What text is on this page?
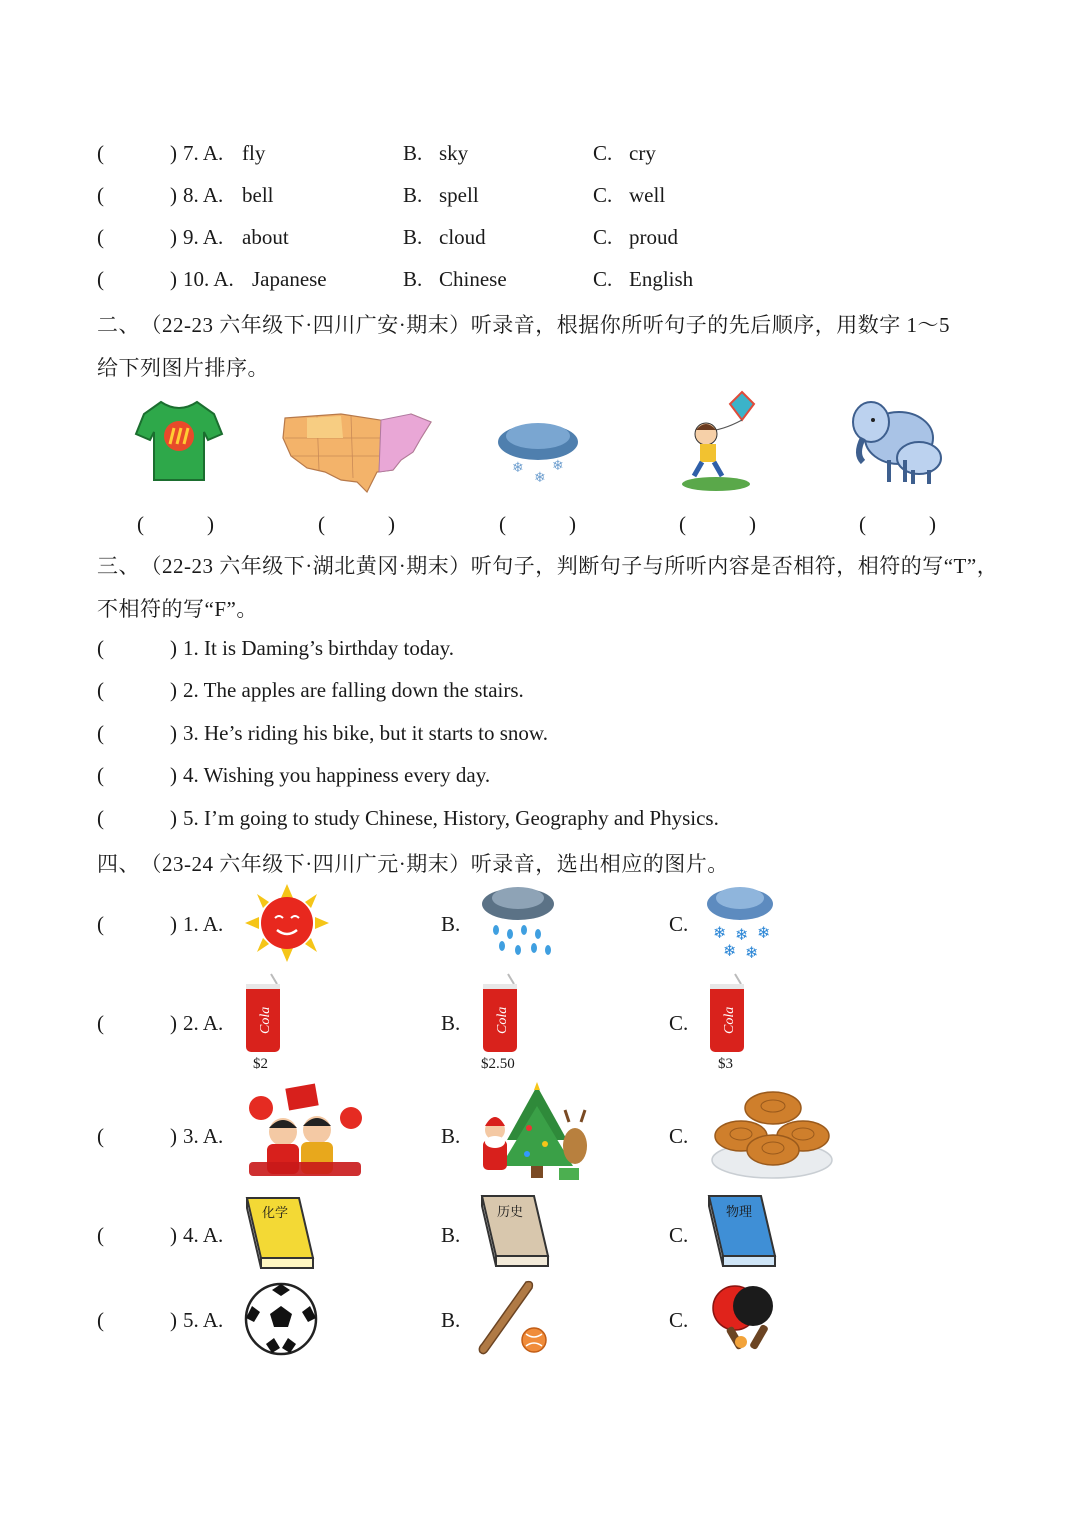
(	) 7. A. fly	B. sky	C. cry
(	) 8. A. bell	B. spell	C. well
(	) 9. A. about	B. cloud	C. proud
(	) 10. A. Japanese	B. Chinese	C. English
二、　（22-23 六年级下·四川广安·期末）听录音，根据你所听句子的先后顺序，用数字 1～5
给下列图片排序。
❄
❄
❄
(　　　)	(　　　)	(　　　)	(　　　)	(　　　)
三、　（22-23 六年级下·湖北黄冈·期末）听句子，判断句子与所听内容是否相符，相符的写“T”，
不相符的写“F”。
(	) 1. It is Daming’s birthday today.
(	) 2. The apples are falling down the stairs.
(	) 3. He’s riding his bike, but it starts to snow.
(	) 4. Wishing you happiness every day.
(	) 5. I’m going to study Chinese, History, Geography and Physics.
四、　（23-24 六年级下·四川广元·期末）听录音，选出相应的图片。
(	) 1. A.	B.	C. ❄ ❄ ❄
❄ ❄
(	) 2. A.	B.	C.
Cola	Cola	Cola
$2	$2.50	$3
(	) 3. A.	B.	C.
(	) 4. A.	B.	C.
化学	历史	物理
(	) 5. A.	B.	C.
